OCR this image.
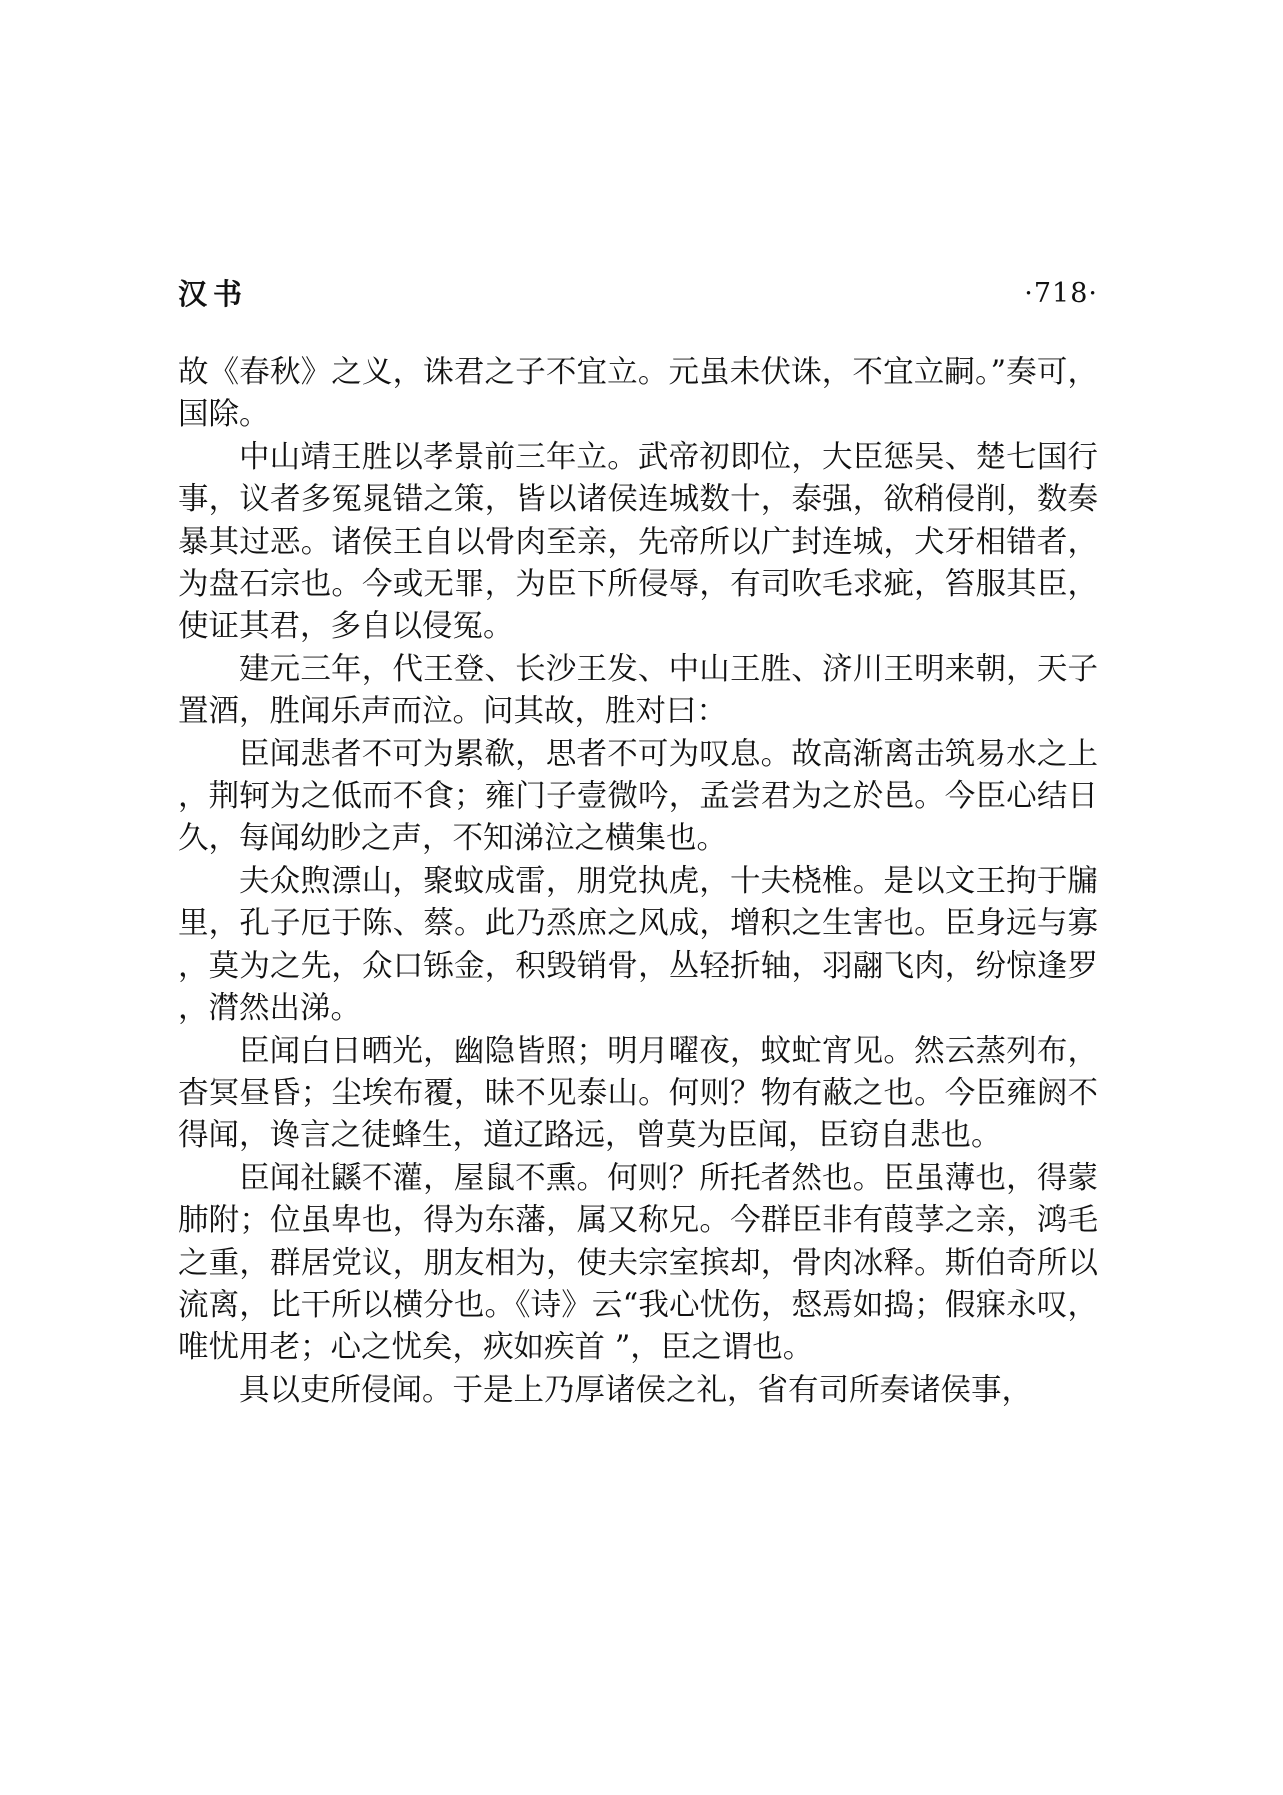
汉书	·718·

故《春秋》之义，诛君之子不宜立。元虽未伏诛，不宜立嗣。”奏可，国除。

中山靖王胜以孝景前三年立。武帝初即位，大臣惩吴、楚七国行事，议者多冤晁错之策，皆以诸侯连城数十，泰强，欲稍侵削，数奏暴其过恶。诸侯王自以骨肉至亲，先帝所以广封连城，犬牙相错者，为盘石宗也。今或无罪，为臣下所侵辱，有司吹毛求疵，笞服其臣，使证其君，多自以侵冤。

建元三年，代王登、长沙王发、中山王胜、济川王明来朝，天子置酒，胜闻乐声而泣。问其故，胜对曰：

臣闻悲者不可为累欷，思者不可为叹息。故高渐离击筑易水之上，荆轲为之低而不食；雍门子壹微吟，孟尝君为之於邑。今臣心结日久，每闻幼眇之声，不知涕泣之横集也。

夫众煦漂山，聚蚊成雷，朋党执虎，十夫桡椎。是以文王拘于牖里，孔子厄于陈、蔡。此乃烝庶之风成，增积之生害也。臣身远与寡，莫为之先，众口铄金，积毁销骨，丛轻折轴，羽翮飞肉，纷惊逢罗，潸然出涕。

臣闻白日晒光，幽隐皆照；明月曜夜，蚊虻宵见。然云蒸列布，杳冥昼昏；尘埃布覆，昧不见泰山。何则？物有蔽之也。今臣雍阏不得闻，谗言之徒蜂生，道辽路远，曾莫为臣闻，臣窃自悲也。

臣闻社鼷不灌，屋鼠不熏。何则？所托者然也。臣虽薄也，得蒙肺附；位虽卑也，得为东藩，属又称兄。今群臣非有葭莩之亲，鸿毛之重，群居党议，朋友相为，使夫宗室摈却，骨肉冰释。斯伯奇所以流离，比干所以横分也。《诗》云“我心忧伤，惄焉如捣；假寐永叹，唯忧用老；心之忧矣，疢如疾首 ”，臣之谓也。

具以吏所侵闻。于是上乃厚诸侯之礼，省有司所奏诸侯事，
